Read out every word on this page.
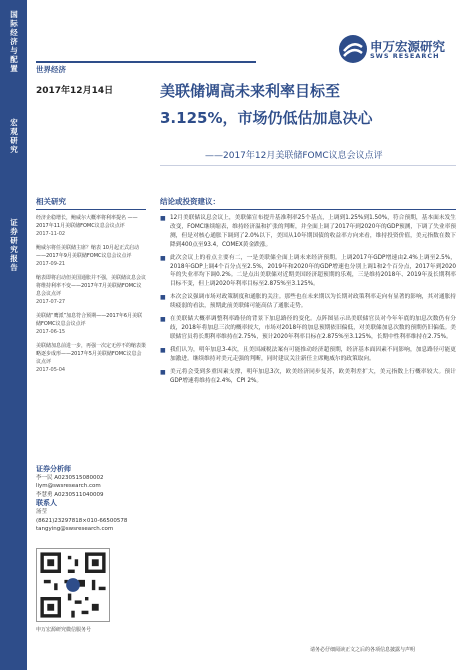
国际经济与配置
宏观研究
证券研究报告
世界经济
申万宏源研究
SWS RESEARCH
2017年12月14日	美联储调高未来利率目标至
3.125%，市场仍低估加息决心
——2017年12月美联储FOMC议息会议点评
相关研究
经济企稳增长，鲍威尔大概率将利率提名 ——2017年11月美联储FOMC议息会议点评
2017-11-02
鲍威尔将任美联储主席？缩表 10月起正式启动——2017年9月美联储FOMC议息会议点评
2017-09-21
缩表即将启动但美国通胀并不强，美联储议息会议将维持利率不变——2017年7月美联储FOMC议息会议点评
2017-07-27
美联储“鹰派”加息符合预期——2017年6月美联储FOMC议息会议点评
2017-06-15
美联储加息前进一步，再强一次定无停不的缩表策略逐步成形——2017年5月美联储FOMC议息会议点评
2017-05-04
证券分析师
李一民 A0230515080002
liym@swsresearch.com
李慧勇 A0230511040009
联系人
汤莹
(8621)23297818×010-66500578
tangying@swsresearch.com
申万宏源研究微信服务号
结论或投资建议：
■ 12月美联储议息会议上，美联储宣布提升基准利率25个基点，上调到1.25%到1.50%，符合预期，基本面未发生改变，FOMC继续缩表，维持经济温和扩张的判断，并全面上调了2017年到2020年的GDP预测，下调了失业率预测，但是对核心通胀下调到了2.0%以下，美国从10年期国债的收益率方向来看，维持投资价值，美元指数在数下降到400点至93.4，COMEX黄金跌涨。
■ 此次会议上的看点主要有二，一是美联储全面上调未来经济预期。上调2017年GDP增速由2.4%上调至2.5%，2018年GDP上调4个百分点至2.5%，2019年和2020年的GDP增速也分别上调1和2个百分点，2017年到2020年的失业率均下调0.2%。二是点出美联储对近期美国经济超预期的乐观，三是维持2018年、2019年及长期利率目标不变，但上调2020年利率目标至2.875%至3.125%。
■ 本次会议强调市场对政策制度和通胀的关注。那些也在未来期以为长期对政策利率走向有显著的影响，其对通胀持续疲弱的看法，预期此前美联储可能高估了通胀走势。
■ 在美联储大概率调整利率路径的背景下加息路径的变化。点阵图显示出美联储官员对今年年底的加息次数仍有分歧，2018年将加息三次的概率较大，市场对2018年的加息预期依旧偏低，对美联储加息次数的预期仍旧偏低。美联储官员将长期利率维持在2.75%，预计2020年利率目标在2.875%至3.125%，长期中性利率维持在2.75%。
■ 我们认为，明年加息3-4次，且美国减税法案有可能推动经济超预期，经济基本面因素不同影响，加息路径可能更加激进。继续维持对美元走强的判断，同时建议关注新任主席鲍威尔的政策取向。
■ 美元将会受到多重因素支撑，明年加息3次，欧美经济同步复苏，欧美利差扩大，美元指数上行概率较大。预计GDP增速将维持在2.4%，CPI 2%。
请务必仔细阅读正文之后的各项信息披露与声明
